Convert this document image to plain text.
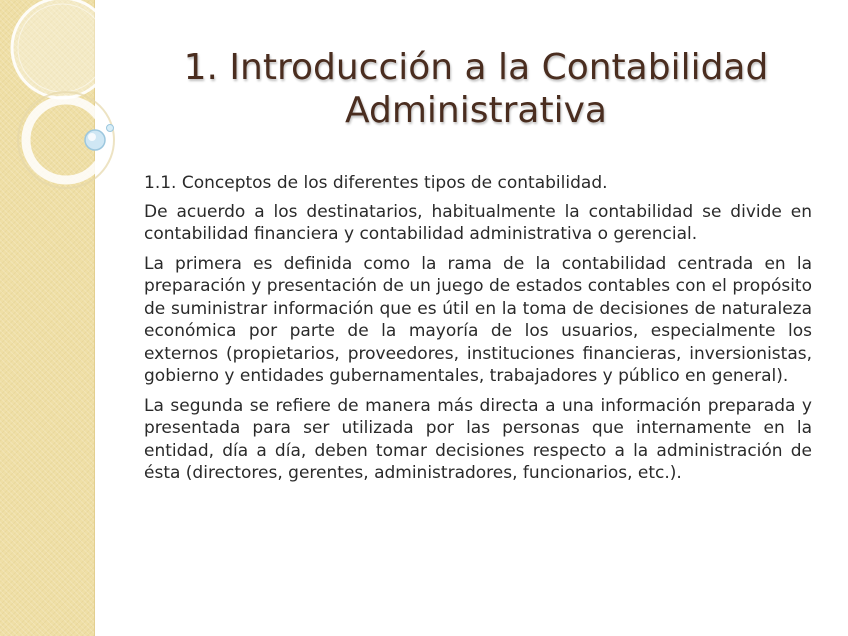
1. Introducción a la Contabilidad
Administrativa

1.1. Conceptos de los diferentes tipos de contabilidad.

De acuerdo a los destinatarios, habitualmente la contabilidad se divide en contabilidad financiera y contabilidad administrativa o gerencial.

La primera es definida como la rama de la contabilidad centrada en la preparación y presentación de un juego de estados contables con el propósito de suministrar información que es útil en la toma de decisiones de naturaleza económica por parte de la mayoría de los usuarios, especialmente los externos (propietarios, proveedores, instituciones financieras, inversionistas, gobierno y entidades gubernamentales, trabajadores y público en general).

La segunda se refiere de manera más directa a una información preparada y presentada para ser utilizada por las personas que internamente en la entidad, día a día, deben tomar decisiones respecto a la administración de ésta (directores, gerentes, administradores, funcionarios, etc.).
